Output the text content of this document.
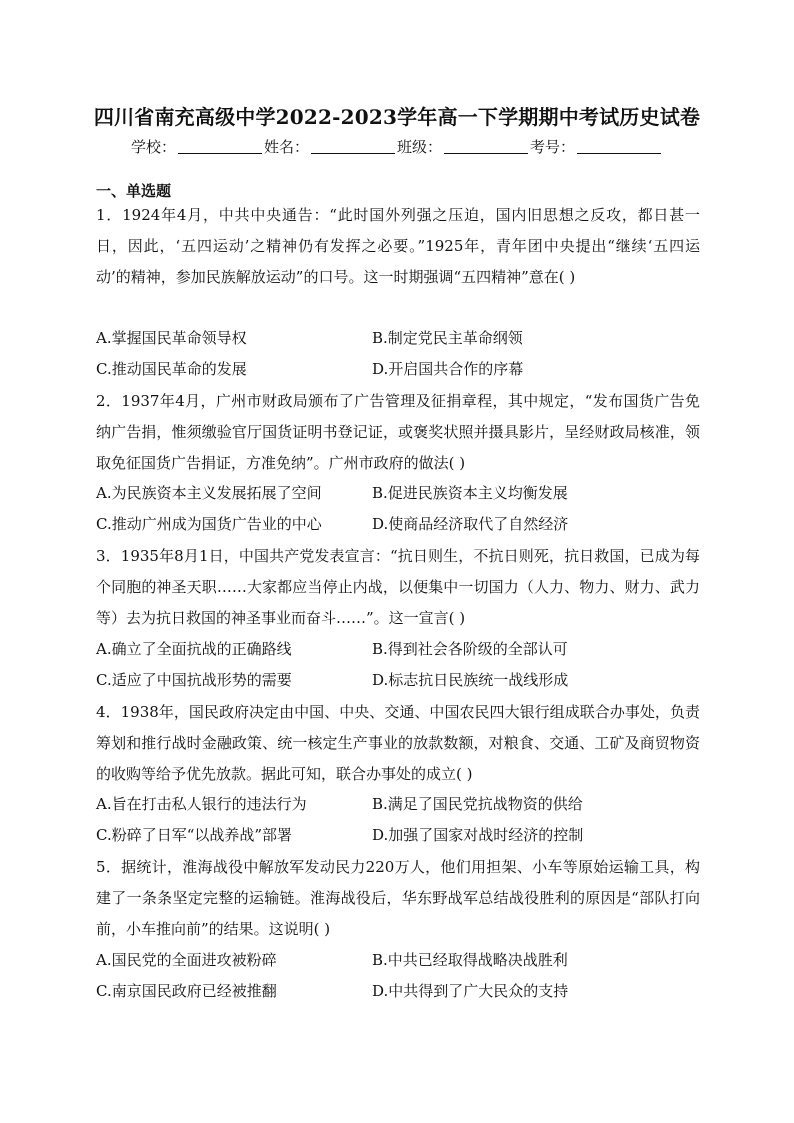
四川省南充高级中学2022-2023学年高一下学期期中考试历史试卷
学校：	姓名：	班级：	考号：
一、单选题
1．1924年4月，中共中央通告：“此时国外列强之压迫，国内旧思想之反攻，都日甚一日，因此，‘五四运动’之精神仍有发挥之必要。”1925年，青年团中央提出“继续‘五四运动’的精神，参加民族解放运动”的口号。这一时期强调“五四精神”意在( )
A.掌握国民革命领导权	B.制定党民主革命纲领
C.推动国民革命的发展	D.开启国共合作的序幕
2．1937年4月，广州市财政局颁布了广告管理及征捐章程，其中规定，“发布国货广告免纳广告捐，惟须缴验官厅国货证明书登记证，或褒奖状照并摄具影片，呈经财政局核准，领取免征国货广告捐证，方准免纳”。广州市政府的做法( )
A.为民族资本主义发展拓展了空间	B.促进民族资本主义均衡发展
C.推动广州成为国货广告业的中心	D.使商品经济取代了自然经济
3．1935年8月1日，中国共产党发表宣言：“抗日则生，不抗日则死，抗日救国，已成为每个同胞的神圣天职……大家都应当停止内战，以便集中一切国力（人力、物力、财力、武力等）去为抗日救国的神圣事业而奋斗……”。这一宣言( )
A.确立了全面抗战的正确路线	B.得到社会各阶级的全部认可
C.适应了中国抗战形势的需要	D.标志抗日民族统一战线形成
4．1938年，国民政府决定由中国、中央、交通、中国农民四大银行组成联合办事处，负责筹划和推行战时金融政策、统一核定生产事业的放款数额，对粮食、交通、工矿及商贸物资的收购等给予优先放款。据此可知，联合办事处的成立( )
A.旨在打击私人银行的违法行为	B.满足了国民党抗战物资的供给
C.粉碎了日军“以战养战”部署	D.加强了国家对战时经济的控制
5．据统计，淮海战役中解放军发动民力220万人，他们用担架、小车等原始运输工具，构建了一条条坚定完整的运输链。淮海战役后，华东野战军总结战役胜利的原因是“部队打向前，小车推向前”的结果。这说明( )
A.国民党的全面进攻被粉碎	B.中共已经取得战略决战胜利
C.南京国民政府已经被推翻	D.中共得到了广大民众的支持
